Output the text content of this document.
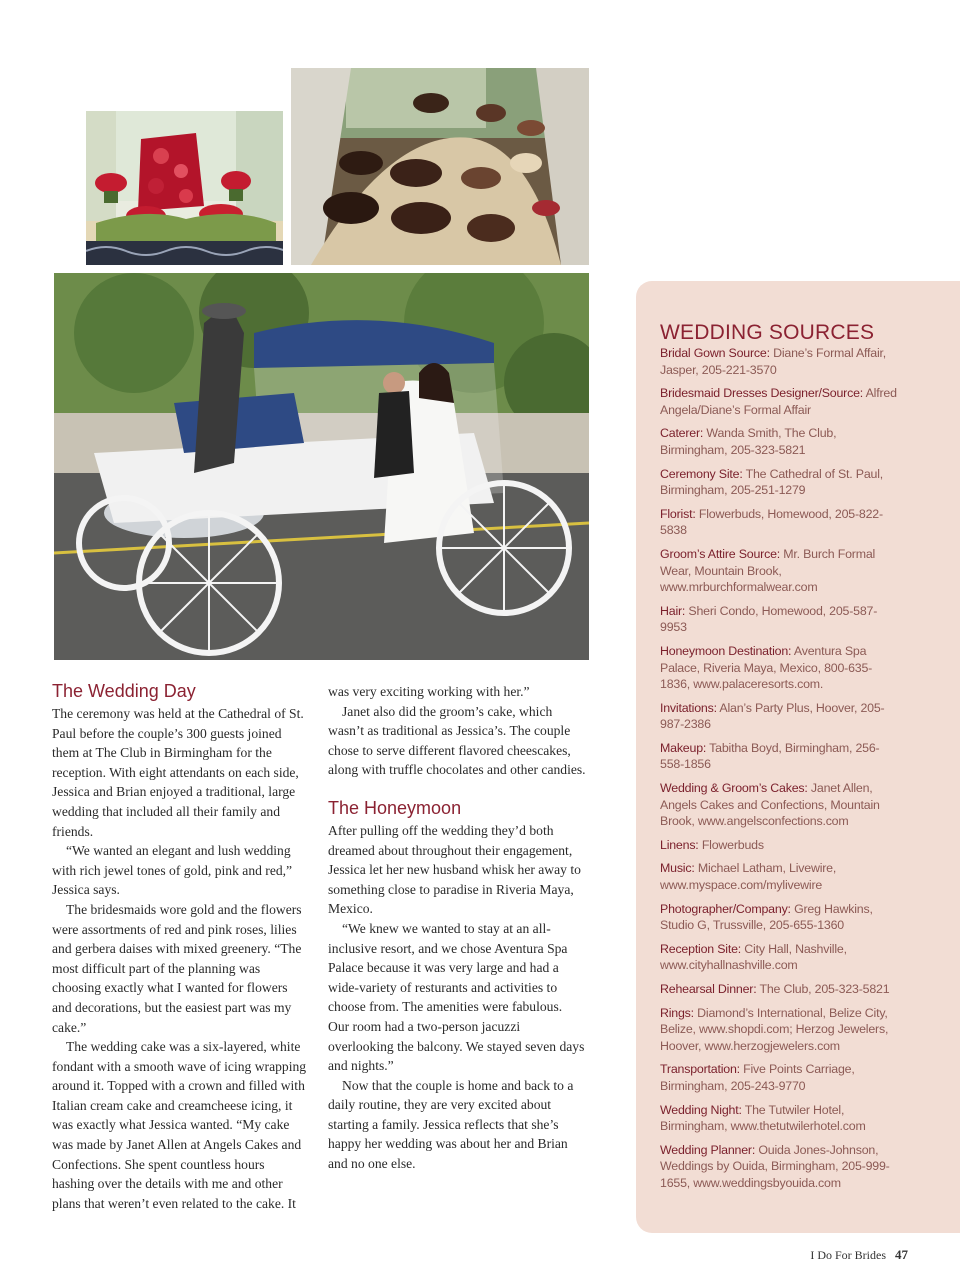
The Wedding Day

The ceremony was held at the Cathedral of St. Paul before the couple’s 300 guests joined them at The Club in Birmingham for the reception. With eight attendants on each side, Jessica and Brian enjoyed a traditional, large wedding that included all their family and friends.

“We wanted an elegant and lush wedding with rich jewel tones of gold, pink and red,” Jessica says.

The bridesmaids wore gold and the flowers were assortments of red and pink roses, lilies and gerbera daises with mixed greenery. “The most difficult part of the planning was choosing exactly what I wanted for flowers and decorations, but the easiest part was my cake.”

The wedding cake was a six-layered, white fondant with a smooth wave of icing wrapping around it. Topped with a crown and filled with Italian cream cake and creamcheese icing, it was exactly what Jessica wanted. “My cake was made by Janet Allen at Angels Cakes and Confections. She spent countless hours hashing over the details with me and other plans that weren’t even related to the cake. It

was very exciting working with her.”

Janet also did the groom’s cake, which wasn’t as traditional as Jessica’s. The couple chose to serve different flavored cheescakes, along with truffle chocolates and other candies.

The Honeymoon

After pulling off the wedding they’d both dreamed about throughout their engagement, Jessica let her new husband whisk her away to something close to paradise in Riveria Maya, Mexico.

“We knew we wanted to stay at an all-inclusive resort, and we chose Aventura Spa Palace because it was very large and had a wide-variety of resturants and activities to choose from. The amenities were fabulous. Our room had a two-person jacuzzi overlooking the balcony. We stayed seven days and nights.”

Now that the couple is home and back to a daily routine, they are very excited about starting a family. Jessica reflects that she’s happy her wedding was about her and Brian and no one else.

WEDDING SOURCES
Bridal Gown Source: Diane’s Formal Affair, Jasper, 205-221-3570
Bridesmaid Dresses Designer/Source: Alfred Angela/Diane’s Formal Affair
Caterer: Wanda Smith, The Club, Birmingham, 205-323-5821
Ceremony Site: The Cathedral of St. Paul, Birmingham, 205-251-1279
Florist: Flowerbuds, Homewood, 205-822-5838
Groom’s Attire Source: Mr. Burch Formal Wear, Mountain Brook, www.mrburchformalwear.com
Hair: Sheri Condo, Homewood, 205-587-9953
Honeymoon Destination: Aventura Spa Palace, Riveria Maya, Mexico, 800-635-1836, www.palaceresorts.com.
Invitations: Alan’s Party Plus, Hoover, 205-987-2386
Makeup: Tabitha Boyd, Birmingham, 256-558-1856
Wedding & Groom’s Cakes: Janet Allen, Angels Cakes and Confections, Mountain Brook, www.angelsconfections.com
Linens: Flowerbuds
Music: Michael Latham, Livewire, www.myspace.com/mylivewire
Photographer/Company: Greg Hawkins, Studio G, Trussville, 205-655-1360
Reception Site: City Hall, Nashville, www.cityhallnashville.com
Rehearsal Dinner: The Club, 205-323-5821
Rings: Diamond’s International, Belize City, Belize, www.shopdi.com; Herzog Jewelers, Hoover, www.herzogjewelers.com
Transportation: Five Points Carriage, Birmingham, 205-243-9770
Wedding Night: The Tutwiler Hotel, Birmingham, www.thetutwilerhotel.com
Wedding Planner: Ouida Jones-Johnson, Weddings by Ouida, Birmingham, 205-999-1655, www.weddingsbyouida.com
I Do For Brides 47
